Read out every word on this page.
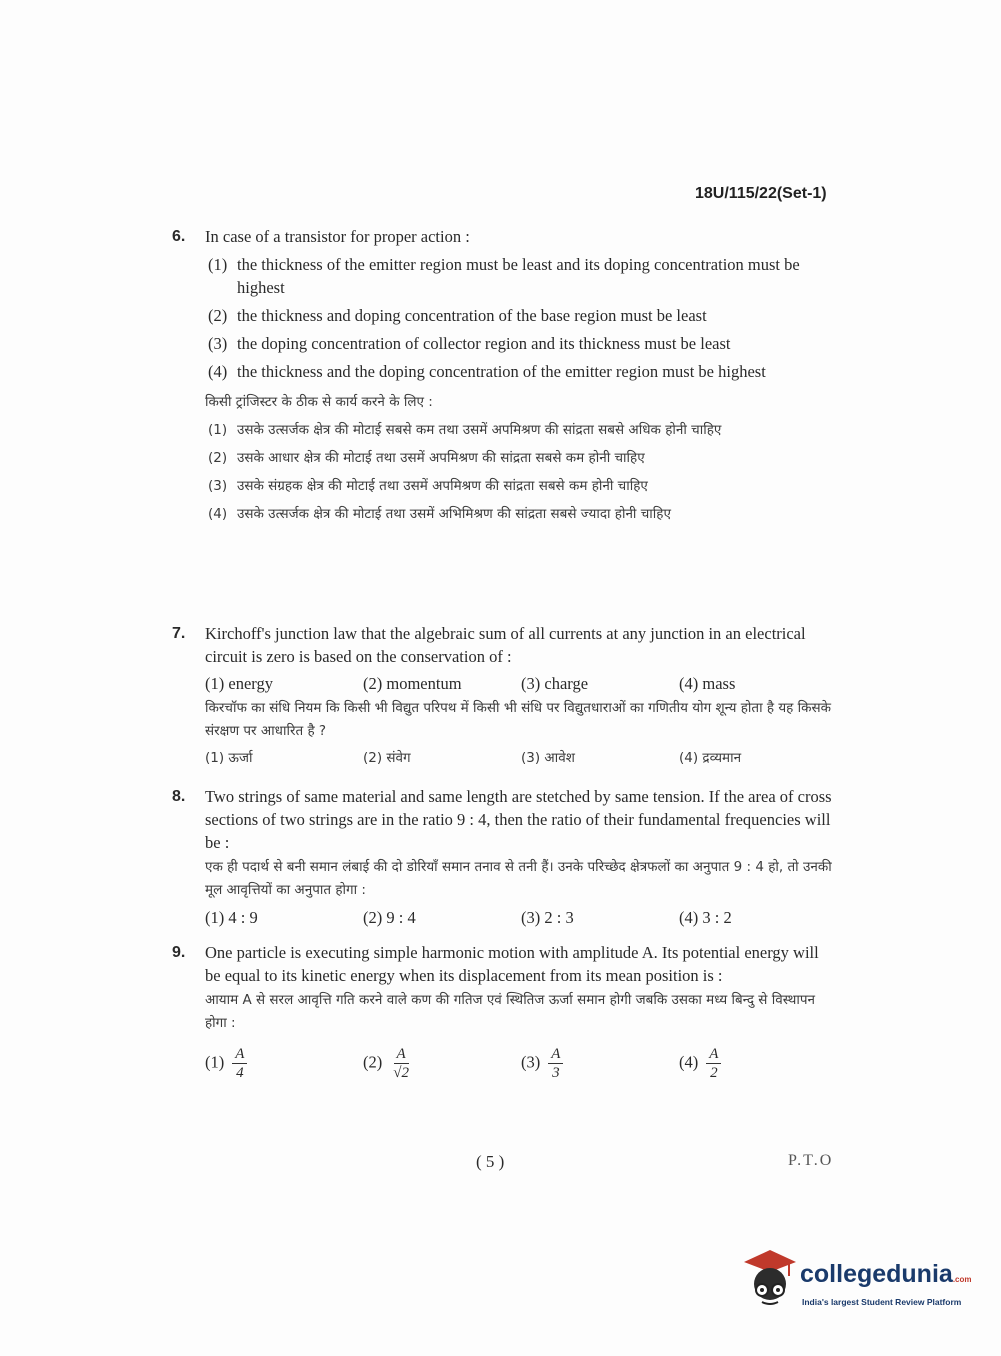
18U/115/22(Set-1)
6.	In case of a transistor for proper action :
(1) the thickness of the emitter region must be least and its doping concentration must be highest
(2) the thickness and doping concentration of the base region must be least
(3) the doping concentration of collector region and its thickness must be least
(4) the thickness and the doping concentration of the emitter region must be highest
किसी ट्रांजिस्टर के ठीक से कार्य करने के लिए :
(1) उसके उत्सर्जक क्षेत्र की मोटाई सबसे कम तथा उसमें अपमिश्रण की सांद्रता सबसे अधिक होनी चाहिए
(2) उसके आधार क्षेत्र की मोटाई तथा उसमें अपमिश्रण की सांद्रता सबसे कम होनी चाहिए
(3) उसके संग्रहक क्षेत्र की मोटाई तथा उसमें अपमिश्रण की सांद्रता सबसे कम होनी चाहिए
(4) उसके उत्सर्जक क्षेत्र की मोटाई तथा उसमें अभिमिश्रण की सांद्रता सबसे ज्यादा होनी चाहिए
7.	Kirchoff's junction law that the algebraic sum of all currents at any junction in an electrical circuit is zero is based on the conservation of :
(1) energy	(2) momentum	(3) charge	(4) mass
किरचॉफ का संधि नियम कि किसी भी विद्युत परिपथ में किसी भी संधि पर विद्युतधाराओं का गणितीय योग शून्य होता है यह किसके संरक्षण पर आधारित है ?
(1) ऊर्जा	(2) संवेग	(3) आवेश	(4) द्रव्यमान
8.	Two strings of same material and same length are stetched by same tension. If the area of cross sections of two strings are in the ratio 9 : 4, then the ratio of their fundamental frequencies will be :
एक ही पदार्थ से बनी समान लंबाई की दो डोरियाँ समान तनाव से तनी हैं। उनके परिच्छेद क्षेत्रफलों का अनुपात 9 : 4 हो, तो उनकी मूल आवृत्तियों का अनुपात होगा :
(1) 4 : 9	(2) 9 : 4	(3) 2 : 3	(4) 3 : 2
9.	One particle is executing simple harmonic motion with amplitude A. Its potential energy will be equal to its kinetic energy when its displacement from its mean position is :
आयाम A से सरल आवृत्ति गति करने वाले कण की गतिज एवं स्थितिज ऊर्जा समान होगी जबकि उसका मध्य बिन्दु से विस्थापन होगा :
$(1) \frac{A}{4}$	$(2) \frac{A}{√2}$	$(3) \frac{A}{3}$	$(4) \frac{A}{2}$
( 5 )	P.T.O
collegedunia.com
India's largest Student Review Platform
